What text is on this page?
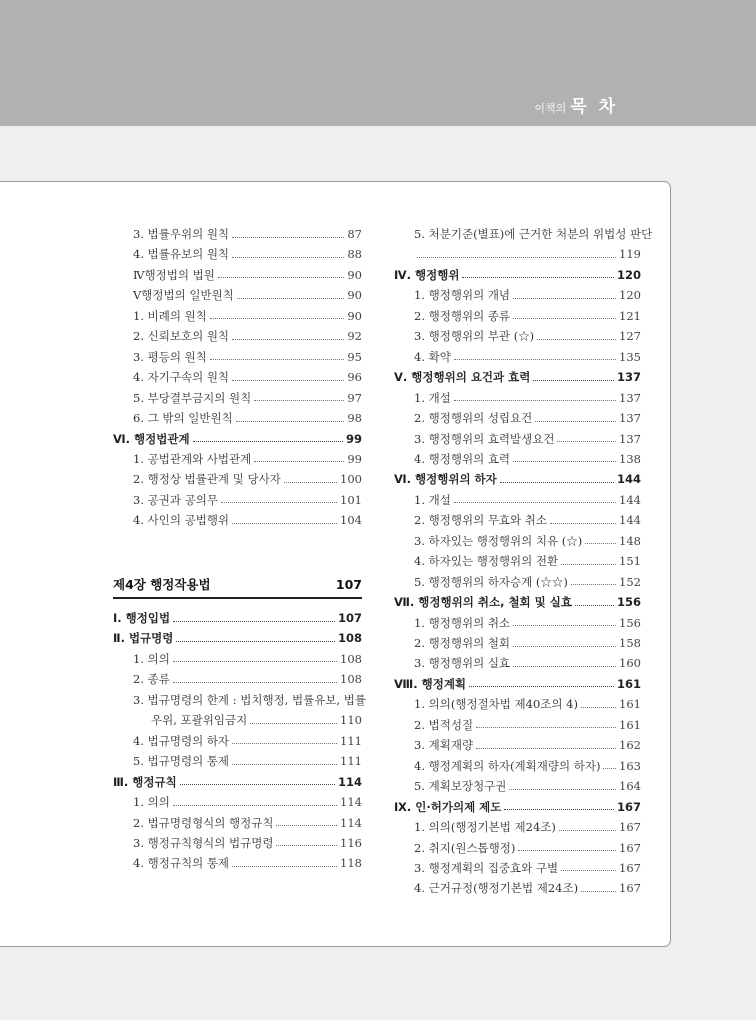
이책의 목 차
3. 법률우위의 원칙	87
4. 법률유보의 원칙	88
Ⅳ행정법의 법원	90
Ⅴ행정법의 일반원칙	90
1. 비례의 원칙	90
2. 신뢰보호의 원칙	92
3. 평등의 원칙	95
4. 자기구속의 원칙	96
5. 부당결부금지의 원칙	97
6. 그 밖의 일반원칙	98
Ⅵ. 행정법관계	99
1. 공법관계와 사법관계	99
2. 행정상 법률관계 및 당사자	100
3. 공권과 공의무	101
4. 사인의 공법행위	104
제4장 행정작용법	107
Ⅰ. 행정입법	107
Ⅱ. 법규명령	108
1. 의의	108
2. 종류	108
3. 법규명령의 한계 : 법치행정, 법률유보, 법률
우위, 포괄위임금지	110
4. 법규명령의 하자	111
5. 법규명령의 통제	111
Ⅲ. 행정규칙	114
1. 의의	114
2. 법규명령형식의 행정규칙	114
3. 행정규칙형식의 법규명령	116
4. 행정규칙의 통제	118
5. 처분기준(별표)에 근거한 처분의 위법성 판단
119
Ⅳ. 행정행위	120
1. 행정행위의 개념	120
2. 행정행위의 종류	121
3. 행정행위의 부관 (☆)	127
4. 확약	135
Ⅴ. 행정행위의 요건과 효력	137
1. 개설	137
2. 행정행위의 성립요건	137
3. 행정행위의 효력발생요건	137
4. 행정행위의 효력	138
Ⅵ. 행정행위의 하자	144
1. 개설	144
2. 행정행위의 무효와 취소	144
3. 하자있는 행정행위의 치유 (☆)	148
4. 하자있는 행정행위의 전환	151
5. 행정행위의 하자승계 (☆☆)	152
Ⅶ. 행정행위의 취소, 철회 및 실효	156
1. 행정행위의 취소	156
2. 행정행위의 철회	158
3. 행정행위의 실효	160
Ⅷ. 행정계획	161
1. 의의(행정절차법 제40조의 4)	161
2. 법적성질	161
3. 계획재량	162
4. 행정계획의 하자(계획재량의 하자) 163
5. 계획보장청구권	164
Ⅸ. 인·허가의제 제도	167
1. 의의(행정기본법 제24조)	167
2. 취지(원스톱행정)	167
3. 행정계획의 집중효와 구별	167
4. 근거규정(행정기본법 제24조)	167
